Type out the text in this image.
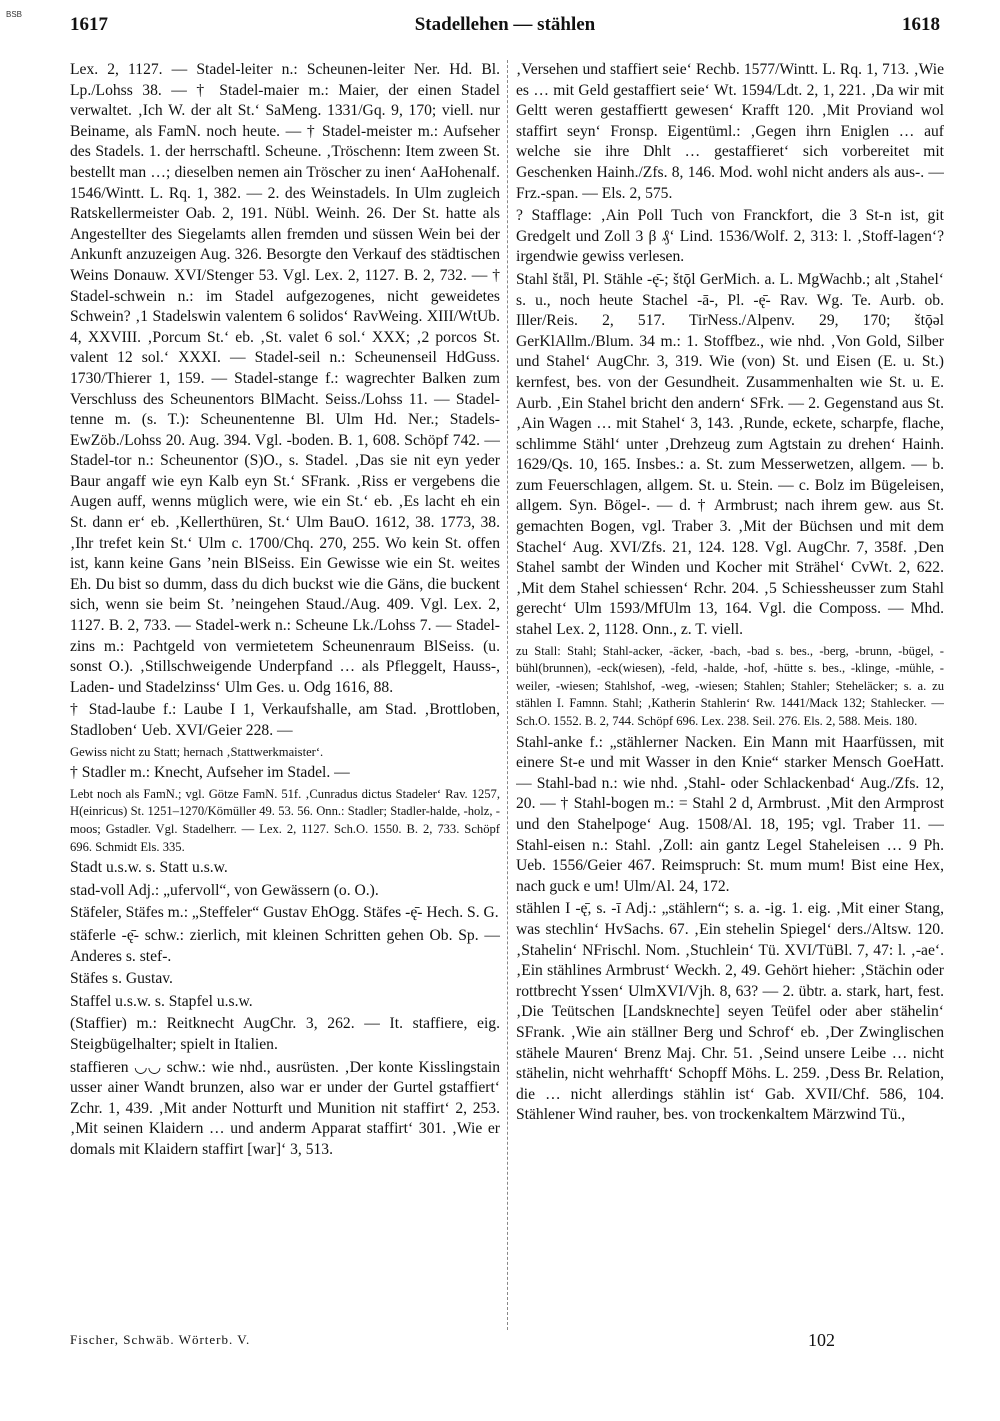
BSB	1617	Stadellehen — stählen	1618

Lex. 2, 1127. — Stadel-leiter n.: Scheunen-leiter Ner. Hd. Bl. Lp./Lohss 38. — † Stadel-maier m.: Maier, der einen Stadel verwaltet. ‚Ich W. der alt St.‘ SaMeng. 1331/Gq. 9, 170; viell. nur Beiname, als FamN. noch heute. — † Stadel-meister m.: Aufseher des Stadels. 1. der herrschaftl. Scheune. ‚Tröschenn: Item zween St. bestellt man …; dieselben nemen ain Tröscher zu inen‘ AaHohenalf. 1546/Wintt. L. Rq. 1, 382. — 2. des Weinstadels. In Ulm zugleich Ratskellermeister Oab. 2, 191. Nübl. Weinh. 26. Der St. hatte als Angestellter des Siegelamts allen fremden und süssen Wein bei der Ankunft anzuzeigen Aug. 326. Besorgte den Verkauf des städtischen Weins Donauw. XVI/Stenger 53. Vgl. Lex. 2, 1127. B. 2, 732. — † Stadel-schwein n.: im Stadel aufgezogenes, nicht geweidetes Schwein? ‚1 Stadelswin valentem 6 solidos‘ RavWeing. XIII/WtUb. 4, XXVIII. ‚Porcum St.‘ eb. ‚St. valet 6 sol.‘ XXX; ‚2 porcos St. valent 12 sol.‘ XXXI. — Stadel-seil n.: Scheunenseil HdGuss. 1730/Thierer 1, 159. — Stadel-stange f.: wagrechter Balken zum Verschluss des Scheunentors BlMacht. Seiss./Lohss 11. — Stadel-tenne m. (s. T.): Scheunentenne Bl. Ulm Hd. Ner.; Stadels-EwZöb./Lohss 20. Aug. 394. Vgl. -boden. B. 1, 608. Schöpf 742. — Stadel-tor n.: Scheunentor (S)O., s. Stadel. ‚Das sie nit eyn yeder Baur angaff wie eyn Kalb eyn St.‘ SFrank. ‚Riss er vergebens die Augen auff, wenns müglich were, wie ein St.‘ eb. ‚Es lacht eh ein St. dann er‘ eb. ‚Kellerthüren, St.‘ Ulm BauO. 1612, 38. 1773, 38. ‚Ihr trefet kein St.‘ Ulm c. 1700/Chq. 270, 255. Wo kein St. offen ist, kann keine Gans ’nein BlSeiss. Ein Gewisse wie ein St. weites Eh. Du bist so dumm, dass du dich buckst wie die Gäns, die buckent sich, wenn sie beim St. ’neingehen Staud./Aug. 409. Vgl. Lex. 2, 1127. B. 2, 733. — Stadel-werk n.: Scheune Lk./Lohss 7. — Stadel-zins m.: Pachtgeld von vermietetem Scheunenraum BlSeiss. (u. sonst O.). ‚Stillschweigende Underpfand … als Pfleggelt, Hauss-, Laden- und Stadelzinss‘ Ulm Ges. u. Odg 1616, 88.

† Stad-laube f.: Laube I 1, Verkaufshalle, am Stad. ‚Brottloben, Stadloben‘ Ueb. XVI/Geier 228. —

Gewiss nicht zu Statt; hernach ‚Stattwerkmaister‘.

† Stadler m.: Knecht, Aufseher im Stadel. —

Lebt noch als FamN.; vgl. Götze FamN. 51f. ‚Cunradus dictus Stadeler‘ Rav. 1257, H(einricus) St. 1251–1270/Kömüller 49. 53. 56. Onn.: Stadler; Stadler-halde, -holz, -moos; Gstadler. Vgl. Stadelherr. — Lex. 2, 1127. Sch.O. 1550. B. 2, 733. Schöpf 696. Schmidt Els. 335.

Stadt u.s.w. s. Statt u.s.w.

stad-voll Adj.: „ufervoll“, von Gewässern (o. O.).

Stäfeler, Stäfes m.: „Steffeler“ Gustav EhOgg. Stäfes -ę̄- Hech. S. G.

stäferle -ę̄- schw.: zierlich, mit kleinen Schritten gehen Ob. Sp. — Anderes s. stef-.

Stäfes s. Gustav.

Staffel u.s.w. s. Stapfel u.s.w.

(Staffier) m.: Reitknecht AugChr. 3, 262. — It. staffiere, eig. Steigbügelhalter; spielt in Italien.

staffieren ◡◡ schw.: wie nhd., ausrüsten. ‚Der konte Kisslingstain usser ainer Wandt brunzen, also war er under der Gurtel gstaffiert‘ Zchr. 1, 439. ‚Mit ander Notturft und Munition nit staffirt‘ 2, 253. ‚Mit seinen Klaidern … und anderm Apparat staffirt‘ 301. ‚Wie er domals mit Klaidern staffirt [war]‘ 3, 513.

‚Versehen und staffiert seie‘ Rechb. 1577/Wintt. L. Rq. 1, 713. ‚Wie es … mit Geld gestaffiert seie‘ Wt. 1594/Ldt. 2, 1, 221. ‚Da wir mit Geltt weren gestaffiertt gewesen‘ Krafft 120. ‚Mit Proviand wol staffirt seyn‘ Fronsp. Eigentüml.: ‚Gegen ihrn Eniglen … auf welche sie ihre Dhlt … gestaffieret‘ sich vorbereitet mit Geschenken Hainh./Zfs. 8, 146. Mod. wohl nicht anders als aus-. — Frz.-span. — Els. 2, 575.

? Stafflage: ‚Ain Poll Tuch von Franckfort, die 3 St-n ist, git Gredgelt und Zoll 3 β ₰‘ Lind. 1536/Wolf. 2, 313: l. ‚Stoff-lagen‘? irgendwie gewiss verlesen.

Stahl štǟl, Pl. Stähle -ę̄-; štǭl GerMich. a. L. MgWachb.; alt ‚Stahel‘ s. u., noch heute Stachel -ā-, Pl. -ę̄- Rav. Wg. Te. Aurb. ob. Iller/Reis. 2, 517. TirNess./Alpenv. 29, 170; štǭəl GerKlAllm./Blum. 34 m.: 1. Stoffbez., wie nhd. ‚Von Gold, Silber und Stahel‘ AugChr. 3, 319. Wie (von) St. und Eisen (E. u. St.) kernfest, bes. von der Gesundheit. Zusammenhalten wie St. u. E. Aurb. ‚Ein Stahel bricht den andern‘ SFrk. — 2. Gegenstand aus St. ‚Ain Wagen … mit Stahel‘ 3, 143. ‚Runde, eckete, scharpfe, flache, schlimme Stähl‘ unter ‚Drehzeug zum Agtstain zu drehen‘ Hainh. 1629/Qs. 10, 165. Insbes.: a. St. zum Messerwetzen, allgem. — b. zum Feuerschlagen, allgem. St. u. Stein. — c. Bolz im Bügeleisen, allgem. Syn. Bögel-. — d. † Armbrust; nach ihrem gew. aus St. gemachten Bogen, vgl. Traber 3. ‚Mit der Büchsen und mit dem Stachel‘ Aug. XVI/Zfs. 21, 124. 128. Vgl. AugChr. 7, 358f. ‚Den Stahel sambt der Winden und Kocher mit Strähel‘ CvWt. 2, 622. ‚Mit dem Stahel schiessen‘ Rchr. 204. ‚5 Schiessheusser zum Stahl gerecht‘ Ulm 1593/MfUlm 13, 164. Vgl. die Composs. — Mhd. stahel Lex. 2, 1128. Onn., z. T. viell.

zu Stall: Stahl; Stahl-acker, -äcker, -bach, -bad s. bes., -berg, -brunn, -bügel, -bühl(brunnen), -eck(wiesen), -feld, -halde, -hof, -hütte s. bes., -klinge, -mühle, -weiler, -wiesen; Stahlshof, -weg, -wiesen; Stahlen; Stahler; Steheläcker; s. a. zu stählen I. Famnn. Stahl; ‚Katherin Stahlerin‘ Rw. 1441/Mack 132; Stahlecker. — Sch.O. 1552. B. 2, 744. Schöpf 696. Lex. 238. Seil. 276. Els. 2, 588. Meis. 180.

Stahl-anke f.: „stählerner Nacken. Ein Mann mit Haarfüssen, mit einere St-e und mit Wasser in den Knie“ starker Mensch GoeHatt. — Stahl-bad n.: wie nhd. ‚Stahl- oder Schlackenbad‘ Aug./Zfs. 12, 20. — † Stahl-bogen m.: = Stahl 2 d, Armbrust. ‚Mit den Armprost und den Stahelpoge‘ Aug. 1508/Al. 18, 195; vgl. Traber 11. — Stahl-eisen n.: Stahl. ‚Zoll: ain gantz Legel Staheleisen … 9 Ph. Ueb. 1556/Geier 467. Reimspruch: St. mum mum! Bist eine Hex, nach guck e um! Ulm/Al. 24, 172.

stählen I -ę̄, s. -ī Adj.: „stählern“; s. a. -ig. 1. eig. ‚Mit einer Stang, was stechlin‘ HvSachs. 67. ‚Ein stehelin Spiegel‘ ders./Altsw. 120. ‚Stahelin‘ NFrischl. Nom. ‚Stuchlein‘ Tü. XVI/TüBl. 7, 47: l. ‚-ae‘. ‚Ein stählines Armbrust‘ Weckh. 2, 49. Gehört hieher: ‚Stächin oder rottbrecht Yssen‘ UlmXVI/Vjh. 8, 63? — 2. übtr. a. stark, hart, fest. ‚Die Teütschen [Landsknechte] seyen Teüfel oder aber stähelin‘ SFrank. ‚Wie ain ställner Berg und Schrof‘ eb. ‚Der Zwinglischen stähele Mauren‘ Brenz Maj. Chr. 51. ‚Seind unsere Leibe … nicht stähelin, nicht wehrhafft‘ Schopff Möhs. L. 259. ‚Dess Br. Relation, die … nicht allerdings stählin ist‘ Gab. XVII/Chf. 586, 104. Stählener Wind rauher, bes. von trockenkaltem Märzwind Tü.,

Fischer, Schwäb. Wörterb. V.	102
